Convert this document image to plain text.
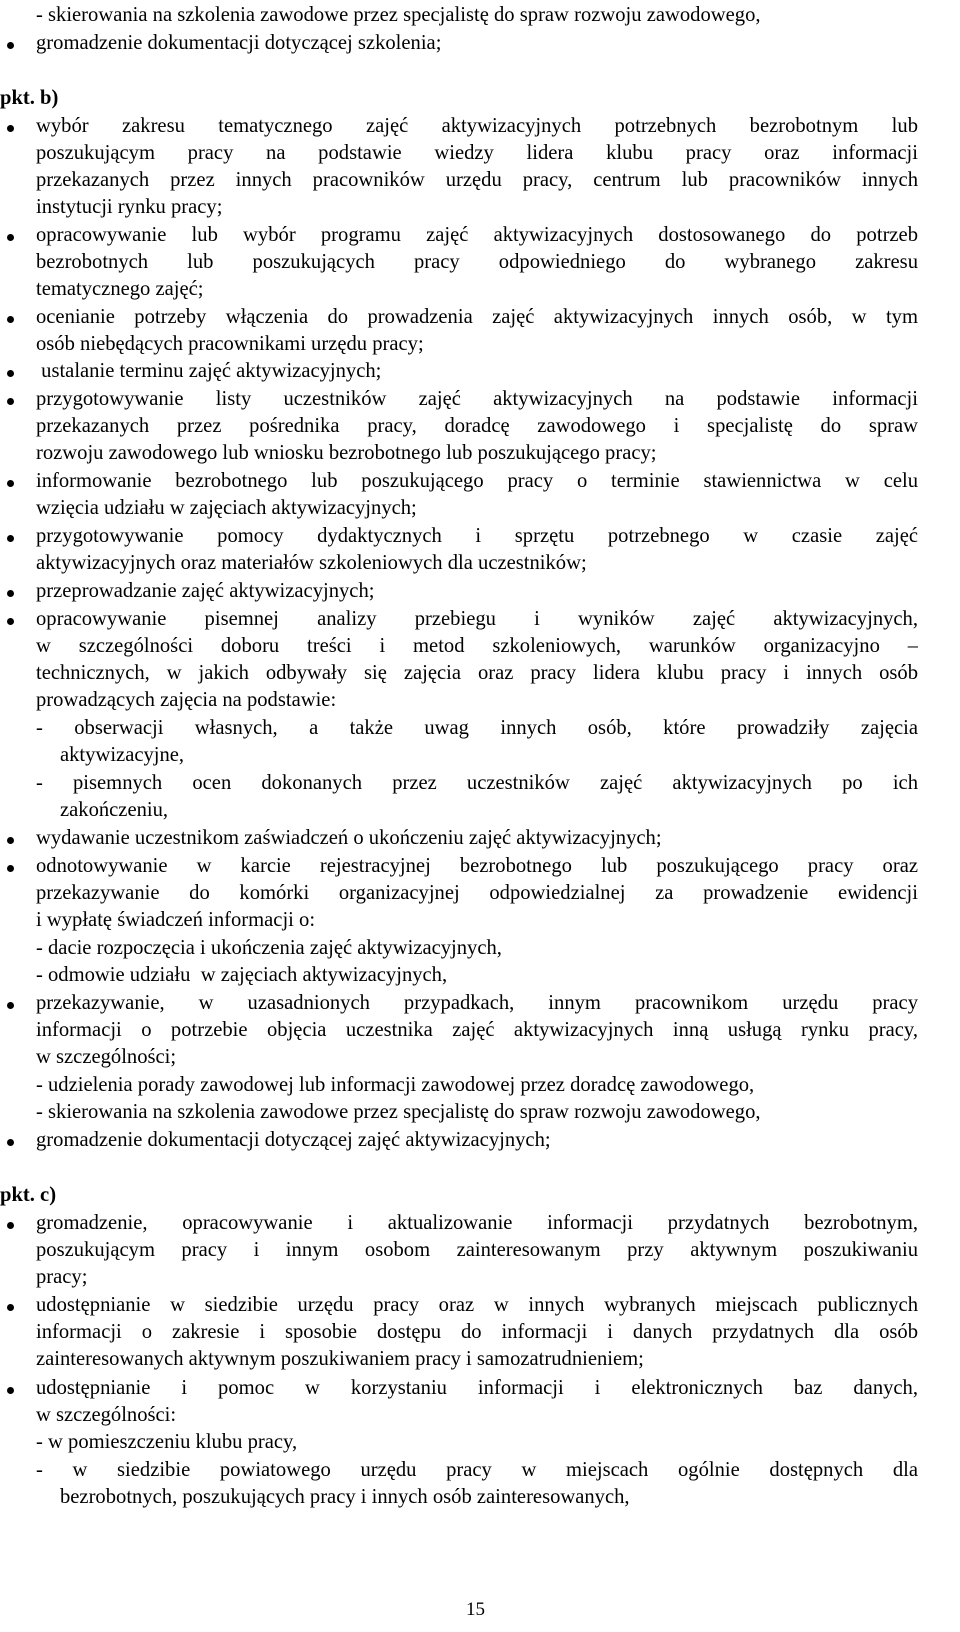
- skierowania na szkolenia zawodowe przez specjalistę do spraw rozwoju zawodowego,
gromadzenie dokumentacji dotyczącej szkolenia;
pkt. b)
wybór zakresu tematycznego zajęć aktywizacyjnych potrzebnych bezrobotnym lub
poszukującym pracy na podstawie wiedzy lidera klubu pracy oraz informacji
przekazanych przez innych pracowników urzędu pracy, centrum lub pracowników innych
instytucji rynku pracy;
opracowywanie lub wybór programu zajęć aktywizacyjnych dostosowanego do potrzeb
bezrobotnych lub poszukujących pracy odpowiedniego do wybranego zakresu
tematycznego zajęć;
ocenianie potrzeby włączenia do prowadzenia zajęć aktywizacyjnych innych osób, w tym
osób niebędących pracownikami urzędu pracy;
ustalanie terminu zajęć aktywizacyjnych;
przygotowywanie listy uczestników zajęć aktywizacyjnych na podstawie informacji
przekazanych przez pośrednika pracy, doradcę zawodowego i specjalistę do spraw
rozwoju zawodowego lub wniosku bezrobotnego lub poszukującego pracy;
informowanie bezrobotnego lub poszukującego pracy o terminie stawiennictwa w celu
wzięcia udziału w zajęciach aktywizacyjnych;
przygotowywanie pomocy dydaktycznych i sprzętu potrzebnego w czasie zajęć
aktywizacyjnych oraz materiałów szkoleniowych dla uczestników;
przeprowadzanie zajęć aktywizacyjnych;
opracowywanie pisemnej analizy przebiegu i wyników zajęć aktywizacyjnych,
w szczególności doboru treści i metod szkoleniowych, warunków organizacyjno –
technicznych, w jakich odbywały się zajęcia oraz pracy lidera klubu pracy i innych osób
prowadzących zajęcia na podstawie:
- obserwacji własnych, a także uwag innych osób, które prowadziły zajęcia
aktywizacyjne,
- pisemnych ocen dokonanych przez uczestników zajęć aktywizacyjnych po ich
zakończeniu,
wydawanie uczestnikom zaświadczeń o ukończeniu zajęć aktywizacyjnych;
odnotowywanie w karcie rejestracyjnej bezrobotnego lub poszukującego pracy oraz
przekazywanie do komórki organizacyjnej odpowiedzialnej za prowadzenie ewidencji
i wypłatę świadczeń informacji o:
- dacie rozpoczęcia i ukończenia zajęć aktywizacyjnych,
- odmowie udziału  w zajęciach aktywizacyjnych,
przekazywanie, w uzasadnionych przypadkach, innym pracownikom urzędu pracy
informacji o potrzebie objęcia uczestnika zajęć aktywizacyjnych inną usługą rynku pracy,
w szczególności;
- udzielenia porady zawodowej lub informacji zawodowej przez doradcę zawodowego,
- skierowania na szkolenia zawodowe przez specjalistę do spraw rozwoju zawodowego,
gromadzenie dokumentacji dotyczącej zajęć aktywizacyjnych;
pkt. c)
gromadzenie, opracowywanie i aktualizowanie informacji przydatnych bezrobotnym,
poszukującym pracy i innym osobom zainteresowanym przy aktywnym poszukiwaniu
pracy;
udostępnianie w siedzibie urzędu pracy oraz w innych wybranych miejscach publicznych
informacji o zakresie i sposobie dostępu do informacji i danych przydatnych dla osób
zainteresowanych aktywnym poszukiwaniem pracy i samozatrudnieniem;
udostępnianie i pomoc w korzystaniu informacji i elektronicznych baz danych,
w szczególności:
- w pomieszczeniu klubu pracy,
- w siedzibie powiatowego urzędu pracy w miejscach ogólnie dostępnych dla
bezrobotnych, poszukujących pracy i innych osób zainteresowanych,
15
